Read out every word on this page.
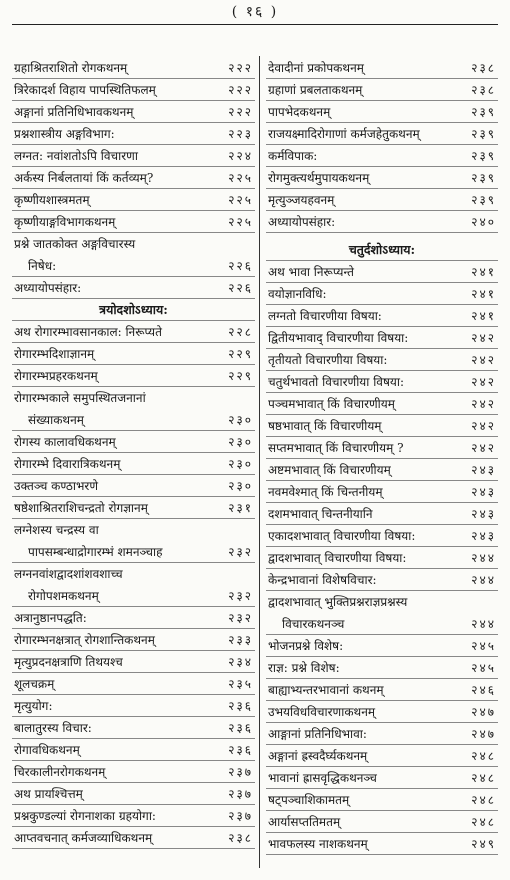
( १६ )
ग्रहाश्रितराशितो रोगकथनम्	२२२
त्रिरेकादर्श विहाय पापस्थितिफलम्	२२२
अङ्गानां प्रतिनिधिभावकथनम्	२२२
प्रश्नशास्त्रीय अङ्गविभाग:	२२३
लग्नत: नवांशतोऽपि विचारणा	२२४
अर्कस्य निर्बलतायां किं कर्तव्यम्?	२२५
कृष्णीयशास्त्रमतम्	२२५
कृष्णीयाङ्गविभागकथनम्	२२५
प्रश्ने जातकोक्त अङ्गविचारस्य
निषेध:	२२६
अध्यायोपसंहार:	२२६
त्रयोदशोऽध्याय:
अथ रोगारम्भावसानकाल: निरूप्यते	२२८
रोगारम्भदिशाज्ञानम्	२२९
रोगारम्भप्रहरकथनम्	२२९
रोगारम्भकाले समुपस्थितजनानां
संख्याकथनम्	२३०
रोगस्य कालावधिकथनम्	२३०
रोगारम्भे दिवारात्रिकथनम्	२३०
उक्तञ्च कण्ठाभरणे	२३०
षष्ठेशाश्रितराशिचन्द्रतो रोगज्ञानम्	२३१
लग्नेशस्य चन्द्रस्य वा
पापसम्बन्धाद्रोगारम्भं शमनञ्चाह	२३२
लग्ननवांशद्वादशांशवशाच्च
रोगोपशमकथनम्	२३२
अत्रानुष्ठानपद्धति:	२३२
रोगारम्भनक्षत्रात् रोगशान्तिकथनम्	२३३
मृत्युप्रदनक्षत्राणि तिथयश्च	२३४
शूलचक्रम्	२३५
मृत्युयोग:	२३६
बालातुरस्य विचार:	२३६
रोगावधिकथनम्	२३६
चिरकालीनरोगकथनम्	२३७
अथ प्रायश्चित्तम्	२३७
प्रश्नकुण्डल्यां रोगनाशका ग्रहयोगा:	२३७
आप्तवचनात् कर्मजव्याधिकथनम्	२३८
देवादीनां प्रकोपकथनम्	२३८
ग्रहाणां प्रबलताकथनम्	२३८
पापभेदकथनम्	२३९
राजयक्ष्मादिरोगाणां कर्मजहेतुकथनम्	२३९
कर्मविपाक:	२३९
रोगमुक्त्यर्थमुपायकथनम्	२३९
मृत्युञ्जयहवनम्	२३९
अध्यायोपसंहार:	२४०
चतुर्दशोऽध्याय:
अथ भावा निरूप्यन्ते	२४१
वयोज्ञानविधि:	२४१
लग्नतो विचारणीया विषया:	२४१
द्वितीयभावाद् विचारणीया विषया:	२४२
तृतीयतो विचारणीया विषया:	२४२
चतुर्थभावतो विचारणीया विषया:	२४२
पञ्चमभावात् किं विचारणीयम्	२४२
षष्ठभावात् किं विचारणीयम्	२४२
सप्तमभावात् किं विचारणीयम् ?	२४२
अष्टमभावात् किं विचारणीयम्	२४३
नवमवेश्मात् किं चिन्तनीयम्	२४३
दशमभावात् चिन्तनीयानि	२४३
एकादशभावात् विचारणीया विषया:	२४३
द्वादशभावात् विचारणीया विषया:	२४४
केन्द्रभावानां विशेषविचार:	२४४
द्वादशभावात् भुक्तिप्रश्नराज्ञप्रश्नस्य
विचारकथनञ्च	२४४
भोजनप्रश्ने विशेष:	२४५
राज्ञ: प्रश्ने विशेष:	२४५
बाह्याभ्यन्तरभावानां कथनम्	२४६
उभयविधविचारणाकथनम्	२४७
आङ्गानां प्रतिनिधिभावा:	२४७
अङ्गानां ह्रस्वदैर्घ्यकथनम्	२४८
भावानां ह्रासवृद्धिकथनञ्च	२४८
षट्पञ्चाशिकामतम्	२४८
आर्यासप्ततिमतम्	२४८
भावफलस्य नाशकथनम्	२४९
